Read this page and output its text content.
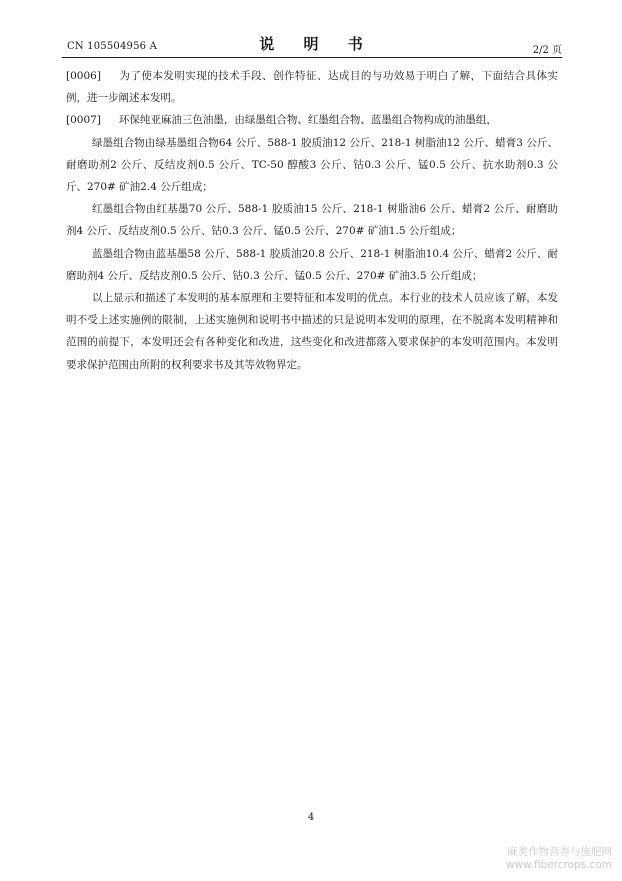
CN 105504956 A	说 明 书	2/2 页

[0006] 为了使本发明实现的技术手段、创作特征、达成目的与功效易于明白了解，下面结合具体实例，进一步阐述本发明。

[0007] 环保纯亚麻油三色油墨，由绿墨组合物、红墨组合物、蓝墨组合物构成的油墨组，

绿墨组合物由绿基墨组合物64 公斤、588-1 胶质油12 公斤、218-1 树脂油12 公斤、蜡膏3 公斤、耐磨助剂2 公斤、反结皮剂0.5 公斤、TC-50 醇酸3 公斤、钴0.3 公斤、锰0.5 公斤、抗水助剂0.3 公斤、270# 矿油2.4 公斤组成；

红墨组合物由红基墨70 公斤、588-1 胶质油15 公斤、218-1 树脂油6 公斤、蜡膏2 公斤、耐磨助剂4 公斤、反结皮剂0.5 公斤、钴0.3 公斤、锰0.5 公斤、270# 矿油1.5 公斤组成；

蓝墨组合物由蓝基墨58 公斤、588-1 胶质油20.8 公斤、218-1 树脂油10.4 公斤、蜡膏2 公斤、耐磨助剂4 公斤、反结皮剂0.5 公斤、钴0.3 公斤、锰0.5 公斤、270# 矿油3.5 公斤组成；

以上显示和描述了本发明的基本原理和主要特征和本发明的优点。本行业的技术人员应该了解，本发明不受上述实施例的限制，上述实施例和说明书中描述的只是说明本发明的原理，在不脱离本发明精神和范围的前提下，本发明还会有各种变化和改进，这些变化和改进都落入要求保护的本发明范围内。本发明要求保护范围由所附的权利要求书及其等效物界定。

4
麻类作物营养与施肥网
www.fibercrops.com
